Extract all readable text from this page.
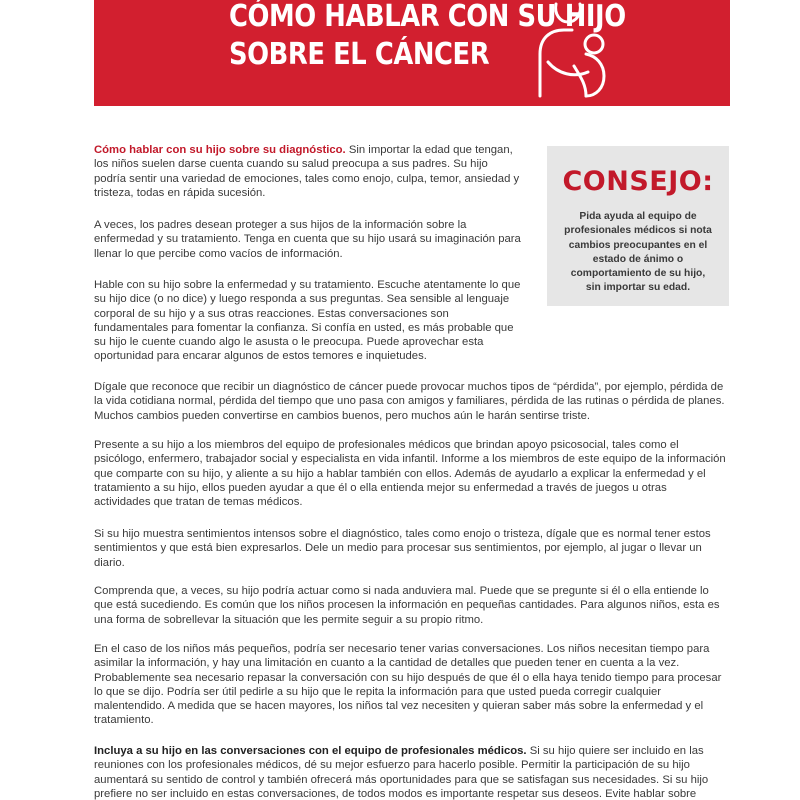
CÓMO HABLAR CON SU HIJO
SOBRE EL CÁNCER
CONSEJO:
Pida ayuda al equipo de profesionales médicos si nota cambios preocupantes en el estado de ánimo o comportamiento de su hijo, sin importar su edad.

Cómo hablar con su hijo sobre su diagnóstico. Sin importar la edad que tengan, los niños suelen darse cuenta cuando su salud preocupa a sus padres. Su hijo podría sentir una variedad de emociones, tales como enojo, culpa, temor, ansiedad y tristeza, todas en rápida sucesión.

A veces, los padres desean proteger a sus hijos de la información sobre la enfermedad y su tratamiento. Tenga en cuenta que su hijo usará su imaginación para llenar lo que percibe como vacíos de información.

Hable con su hijo sobre la enfermedad y su tratamiento. Escuche atentamente lo que su hijo dice (o no dice) y luego responda a sus preguntas. Sea sensible al lenguaje corporal de su hijo y a sus otras reacciones. Estas conversaciones son fundamentales para fomentar la confianza. Si confía en usted, es más probable que su hijo le cuente cuando algo le asusta o le preocupa. Puede aprovechar esta oportunidad para encarar algunos de estos temores e inquietudes.

Dígale que reconoce que recibir un diagnóstico de cáncer puede provocar muchos tipos de “pérdida”, por ejemplo, pérdida de la vida cotidiana normal, pérdida del tiempo que uno pasa con amigos y familiares, pérdida de las rutinas o pérdida de planes. Muchos cambios pueden convertirse en cambios buenos, pero muchos aún le harán sentirse triste.

Presente a su hijo a los miembros del equipo de profesionales médicos que brindan apoyo psicosocial, tales como el psicólogo, enfermero, trabajador social y especialista en vida infantil. Informe a los miembros de este equipo de la información que comparte con su hijo, y aliente a su hijo a hablar también con ellos. Además de ayudarlo a explicar la enfermedad y el tratamiento a su hijo, ellos pueden ayudar a que él o ella entienda mejor su enfermedad a través de juegos u otras actividades que tratan de temas médicos.

Si su hijo muestra sentimientos intensos sobre el diagnóstico, tales como enojo o tristeza, dígale que es normal tener estos sentimientos y que está bien expresarlos. Dele un medio para procesar sus sentimientos, por ejemplo, al jugar o llevar un diario.

Comprenda que, a veces, su hijo podría actuar como si nada anduviera mal. Puede que se pregunte si él o ella entiende lo que está sucediendo. Es común que los niños procesen la información en pequeñas cantidades. Para algunos niños, esta es una forma de sobrellevar la situación que les permite seguir a su propio ritmo.

En el caso de los niños más pequeños, podría ser necesario tener varias conversaciones. Los niños necesitan tiempo para asimilar la información, y hay una limitación en cuanto a la cantidad de detalles que pueden tener en cuenta a la vez. Probablemente sea necesario repasar la conversación con su hijo después de que él o ella haya tenido tiempo para procesar lo que se dijo. Podría ser útil pedirle a su hijo que le repita la información para que usted pueda corregir cualquier malentendido. A medida que se hacen mayores, los niños tal vez necesiten y quieran saber más sobre la enfermedad y el tratamiento.

Incluya a su hijo en las conversaciones con el equipo de profesionales médicos. Si su hijo quiere ser incluido en las reuniones con los profesionales médicos, dé su mejor esfuerzo para hacerlo posible. Permitir la participación de su hijo aumentará su sentido de control y también ofrecerá más oportunidades para que se satisfagan sus necesidades. Si su hijo prefiere no ser incluido en estas conversaciones, de todos modos es importante respetar sus deseos. Evite hablar sobre
